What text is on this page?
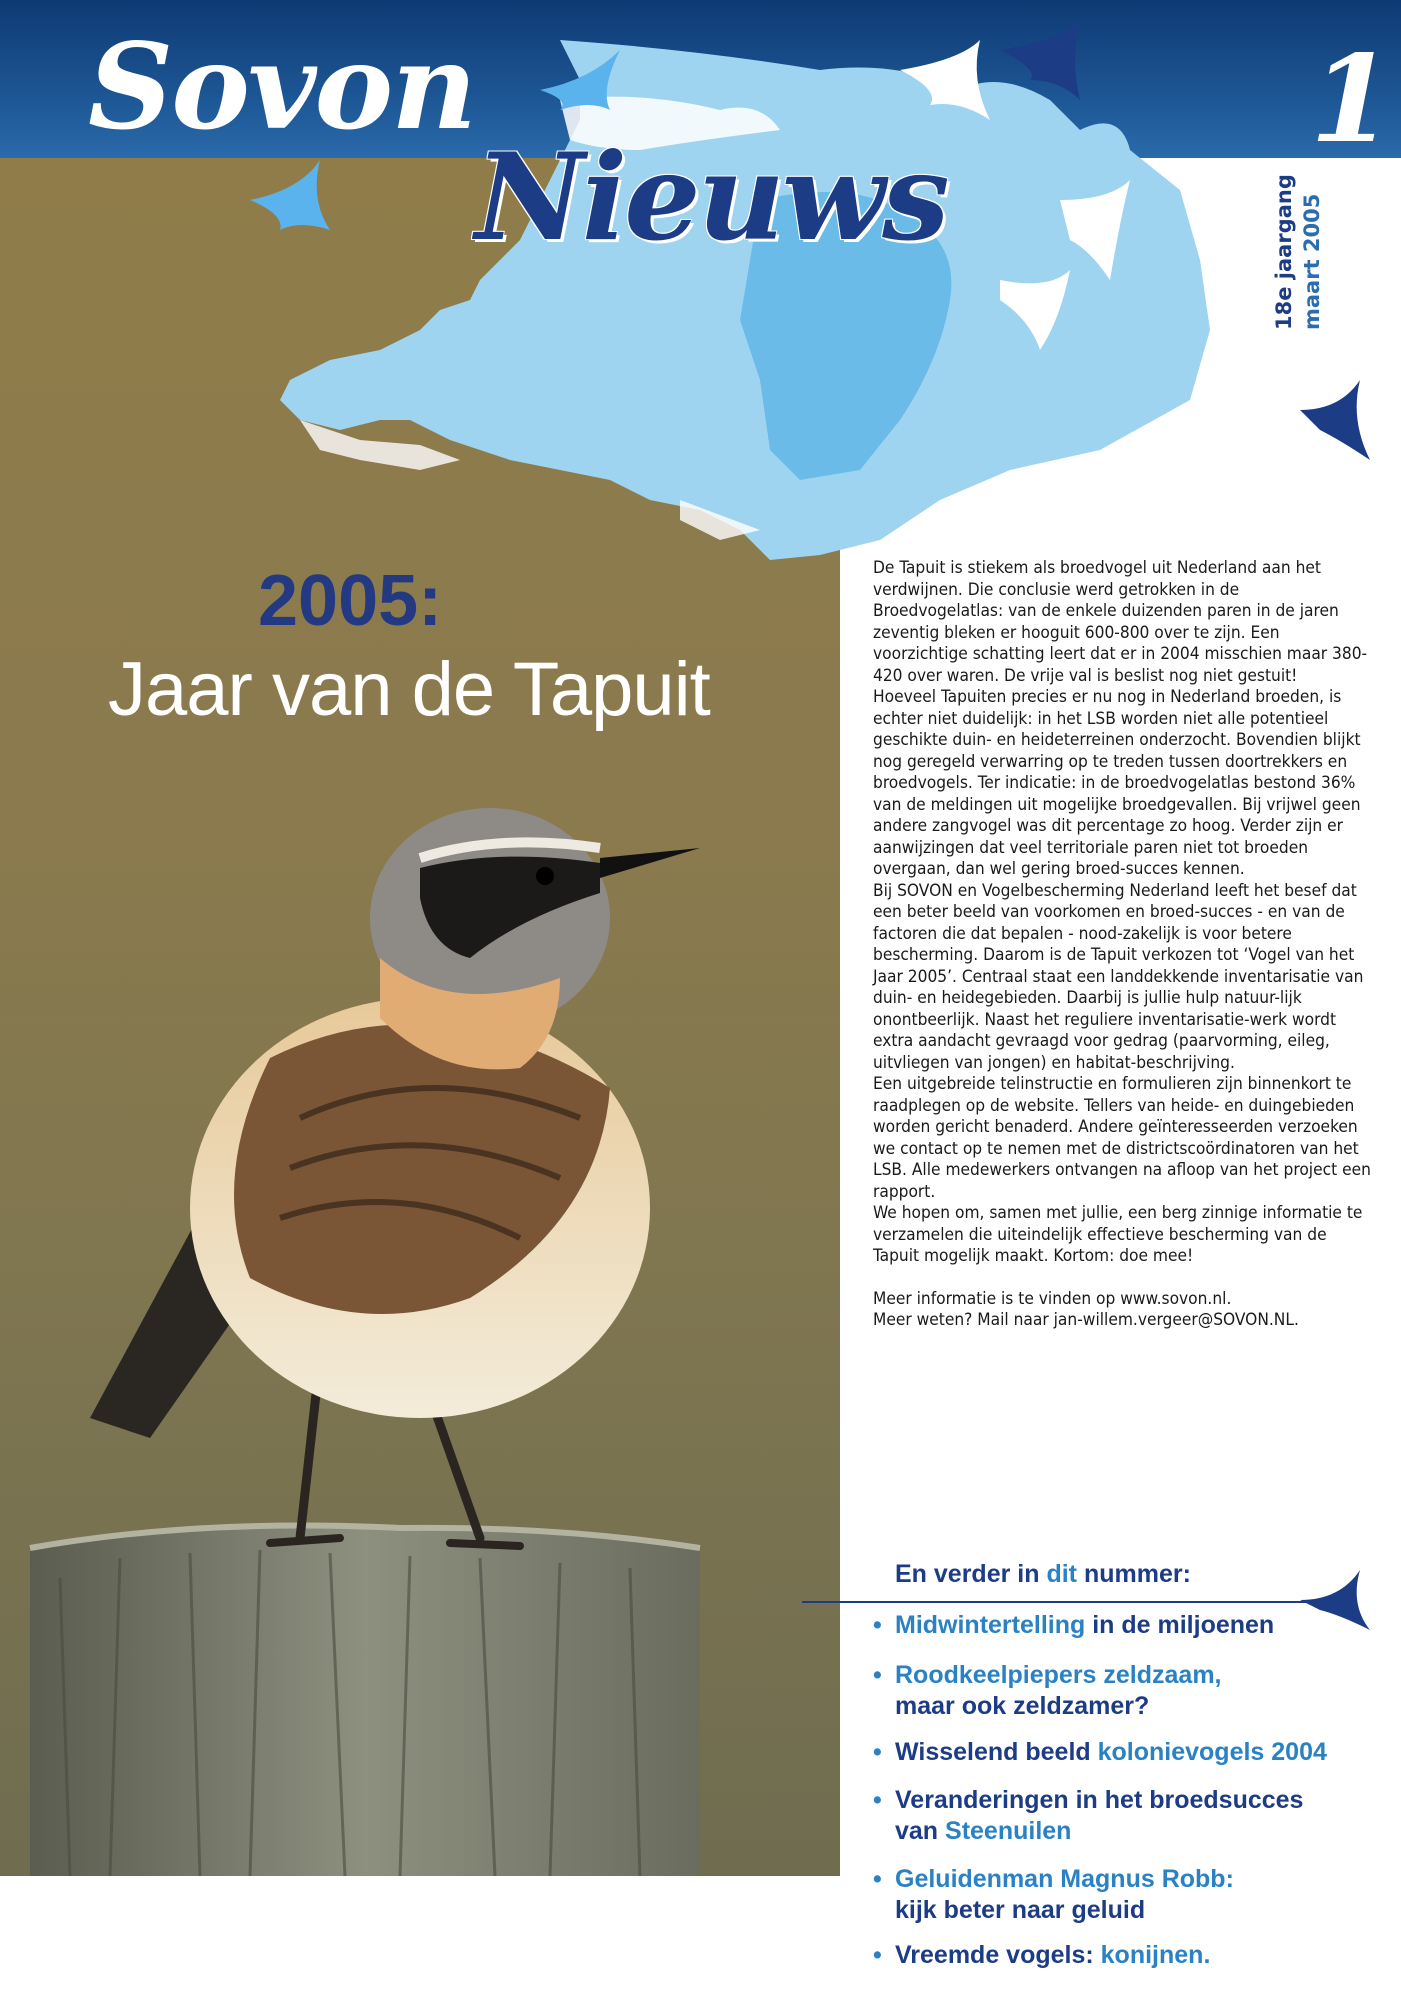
Sovon
Nieuws
1
18e jaargang maart 2005
2005:
Jaar van de Tapuit

De Tapuit is stiekem als broedvogel uit Nederland aan het verdwijnen. Die conclusie werd getrokken in de Broedvogelatlas: van de enkele duizenden paren in de jaren zeventig bleken er hooguit 600-800 over te zijn. Een voorzichtige schatting leert dat er in 2004 misschien maar 380-420 over waren. De vrije val is beslist nog niet gestuit!

Hoeveel Tapuiten precies er nu nog in Nederland broeden, is echter niet duidelijk: in het LSB worden niet alle potentieel geschikte duin- en heideterreinen onderzocht. Bovendien blijkt nog geregeld verwarring op te treden tussen doortrekkers en broedvogels. Ter indicatie: in de broedvogelatlas bestond 36% van de meldingen uit mogelijke broedgevallen. Bij vrijwel geen andere zangvogel was dit percentage zo hoog. Verder zijn er aanwijzingen dat veel territoriale paren niet tot broeden overgaan, dan wel gering broed-succes kennen.

Bij SOVON en Vogelbescherming Nederland leeft het besef dat een beter beeld van voorkomen en broed-succes - en van de factoren die dat bepalen - nood-zakelijk is voor betere bescherming. Daarom is de Tapuit verkozen tot ‘Vogel van het Jaar 2005’. Centraal staat een landdekkende inventarisatie van duin- en heidegebieden. Daarbij is jullie hulp natuur-lijk onontbeerlijk. Naast het reguliere inventarisatie-werk wordt extra aandacht gevraagd voor gedrag (paarvorming, eileg, uitvliegen van jongen) en habitat-beschrijving.

Een uitgebreide telinstructie en formulieren zijn binnenkort te raadplegen op de website. Tellers van heide- en duingebieden worden gericht benaderd. Andere geïnteresseerden verzoeken we contact op te nemen met de districtscoördinatoren van het LSB. Alle medewerkers ontvangen na afloop van het project een rapport.

We hopen om, samen met jullie, een berg zinnige informatie te verzamelen die uiteindelijk effectieve bescherming van de Tapuit mogelijk maakt. Kortom: doe mee!

Meer informatie is te vinden op www.sovon.nl.

Meer weten? Mail naar jan-willem.vergeer@SOVON.NL.

En verder in dit nummer:
• Midwintertelling in de miljoenen
• Roodkeelpiepers zeldzaam,
maar ook zeldzamer?
• Wisselend beeld kolonievogels 2004
• Veranderingen in het broedsucces
van Steenuilen
• Geluidenman Magnus Robb:
kijk beter naar geluid
• Vreemde vogels: konijnen.
